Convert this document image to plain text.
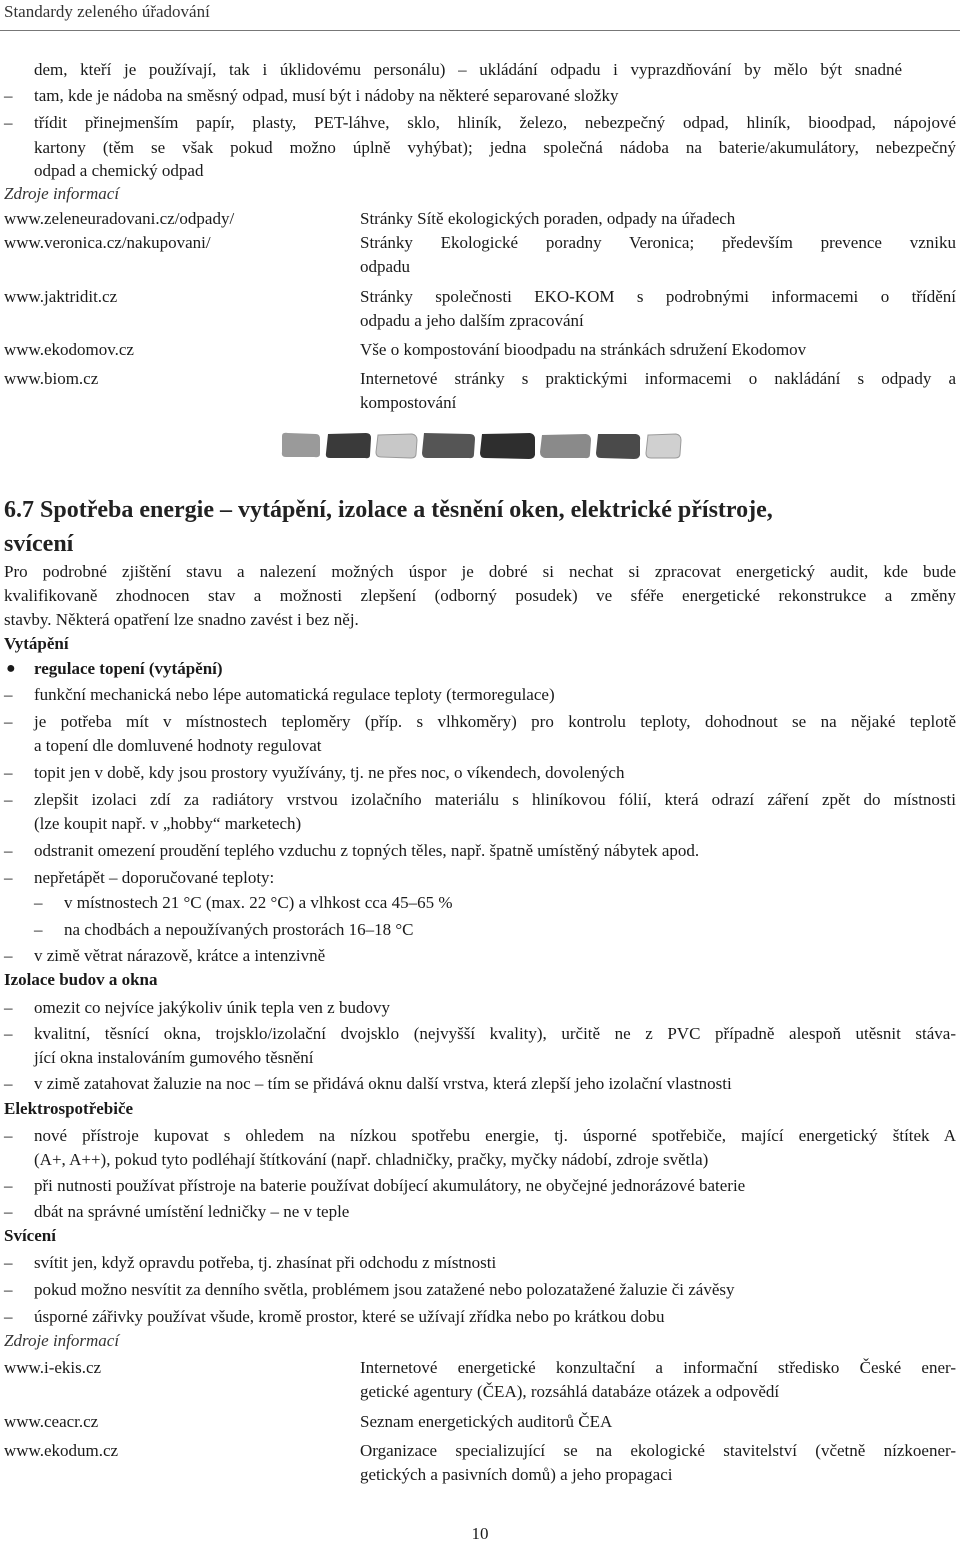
Standardy zeleného úřadování
dem, kteří je používají, tak i úklidovému personálu) – ukládání odpadu i vyprazdňování by mělo být snadné
– tam, kde je nádoba na směsný odpad, musí být i nádoby na některé separované složky
– třídit přinejmenším papír, plasty, PET-láhve, sklo, hliník, železo, nebezpečný odpad, hliník, bioodpad, nápojové
kartony (těm se však pokud možno úplně vyhýbat); jedna společná nádoba na baterie/akumulátory, nebezpečný
odpad a chemický odpad
Zdroje informací
www.zeleneuradovani.cz/odpady/	Stránky Sítě ekologických poraden, odpady na úřadech
www.veronica.cz/nakupovani/	Stránky Ekologické poradny Veronica; především prevence vzniku
odpadu
www.jaktridit.cz	Stránky společnosti EKO-KOM s podrobnými informacemi o třídění
odpadu a jeho dalším zpracování
www.ekodomov.cz	Vše o kompostování bioodpadu na stránkách sdružení Ekodomov
www.biom.cz	Internetové stránky s praktickými informacemi o nakládání s odpady a
kompostování
6.7 Spotřeba energie – vytápění, izolace a těsnění oken, elektrické přístroje,
svícení
Pro podrobné zjištění stavu a nalezení možných úspor je dobré si nechat si zpracovat energetický audit, kde bude
kvalifikovaně zhodnocen stav a možnosti zlepšení (odborný posudek) ve sféře energetické rekonstrukce a změny
stavby. Některá opatření lze snadno zavést i bez něj.
Vytápění
● regulace topení (vytápění)
– funkční mechanická nebo lépe automatická regulace teploty (termoregulace)
– je potřeba mít v místnostech teploměry (příp. s vlhkoměry) pro kontrolu teploty, dohodnout se na nějaké teplotě
a topení dle domluvené hodnoty regulovat
– topit jen v době, kdy jsou prostory využívány, tj. ne přes noc, o víkendech, dovolených
– zlepšit izolaci zdí za radiátory vrstvou izolačního materiálu s hliníkovou fólií, která odrazí záření zpět do místnosti
(lze koupit např. v „hobby“ marketech)
– odstranit omezení proudění teplého vzduchu z topných těles, např. špatně umístěný nábytek apod.
– nepřetápět – doporučované teploty:
– v místnostech 21 °C (max. 22 °C) a vlhkost cca 45–65 %
– na chodbách a nepoužívaných prostorách 16–18 °C
– v zimě větrat nárazově, krátce a intenzivně
Izolace budov a okna
– omezit co nejvíce jakýkoliv únik tepla ven z budovy
– kvalitní, těsnící okna, trojsklo/izolační dvojsklo (nejvyšší kvality), určitě ne z PVC případně alespoň utěsnit stáva-
jící okna instalováním gumového těsnění
– v zimě zatahovat žaluzie na noc – tím se přidává oknu další vrstva, která zlepší jeho izolační vlastnosti
Elektrospotřebiče
– nové přístroje kupovat s ohledem na nízkou spotřebu energie, tj. úsporné spotřebiče, mající energetický štítek A
(A+, A++), pokud tyto podléhají štítkování (např. chladničky, pračky, myčky nádobí, zdroje světla)
– při nutnosti používat přístroje na baterie používat dobíjecí akumulátory, ne obyčejné jednorázové baterie
– dbát na správné umístění ledničky – ne v teple
Svícení
– svítit jen, když opravdu potřeba, tj. zhasínat při odchodu z místnosti
– pokud možno nesvítit za denního světla, problémem jsou zatažené nebo polozatažené žaluzie či závěsy
– úsporné zářivky používat všude, kromě prostor, které se užívají zřídka nebo po krátkou dobu
Zdroje informací
www.i-ekis.cz	Internetové energetické konzultační a informační středisko České ener-
getické agentury (ČEA), rozsáhlá databáze otázek a odpovědí
www.ceacr.cz	Seznam energetických auditorů ČEA
www.ekodum.cz	Organizace specializující se na ekologické stavitelství (včetně nízkoener-
getických a pasivních domů) a jeho propagaci
10
